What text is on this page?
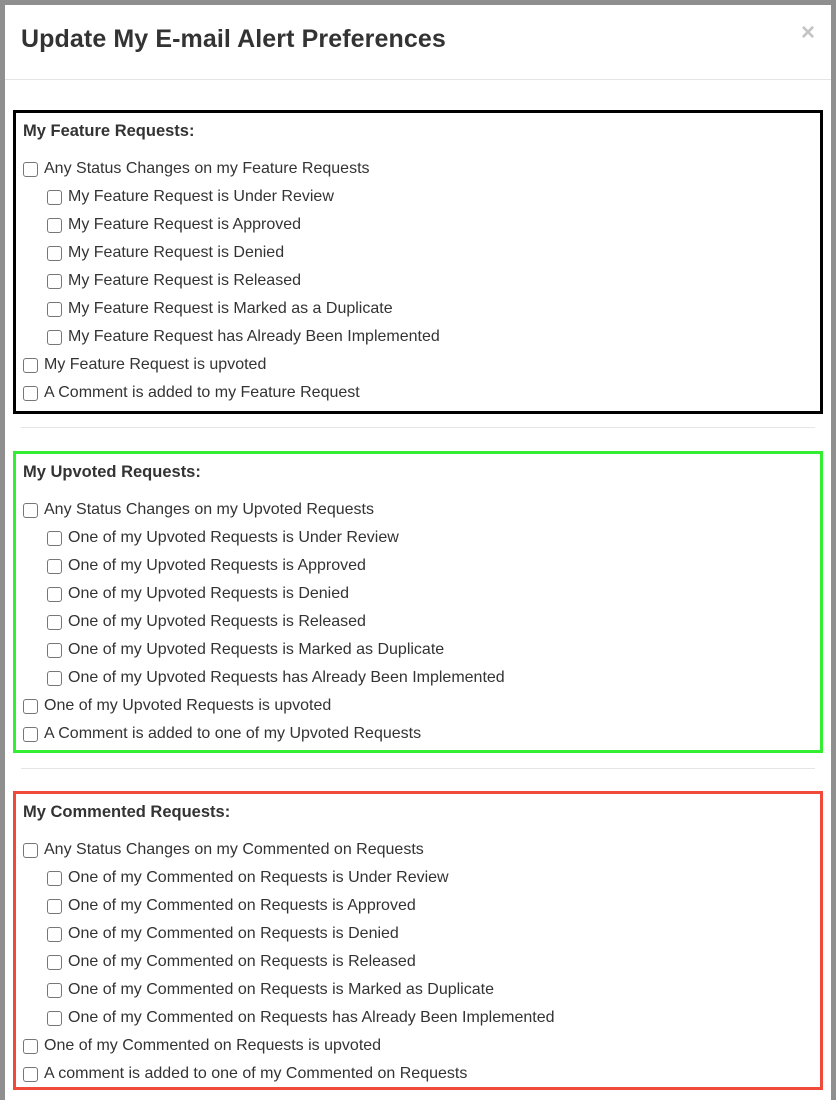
Update My E-mail Alert Preferences	×
My Feature Requests:
Any Status Changes on my Feature Requests
My Feature Request is Under Review
My Feature Request is Approved
My Feature Request is Denied
My Feature Request is Released
My Feature Request is Marked as a Duplicate
My Feature Request has Already Been Implemented
My Feature Request is upvoted
A Comment is added to my Feature Request
My Upvoted Requests:
Any Status Changes on my Upvoted Requests
One of my Upvoted Requests is Under Review
One of my Upvoted Requests is Approved
One of my Upvoted Requests is Denied
One of my Upvoted Requests is Released
One of my Upvoted Requests is Marked as Duplicate
One of my Upvoted Requests has Already Been Implemented
One of my Upvoted Requests is upvoted
A Comment is added to one of my Upvoted Requests
My Commented Requests:
Any Status Changes on my Commented on Requests
One of my Commented on Requests is Under Review
One of my Commented on Requests is Approved
One of my Commented on Requests is Denied
One of my Commented on Requests is Released
One of my Commented on Requests is Marked as Duplicate
One of my Commented on Requests has Already Been Implemented
One of my Commented on Requests is upvoted
A comment is added to one of my Commented on Requests
